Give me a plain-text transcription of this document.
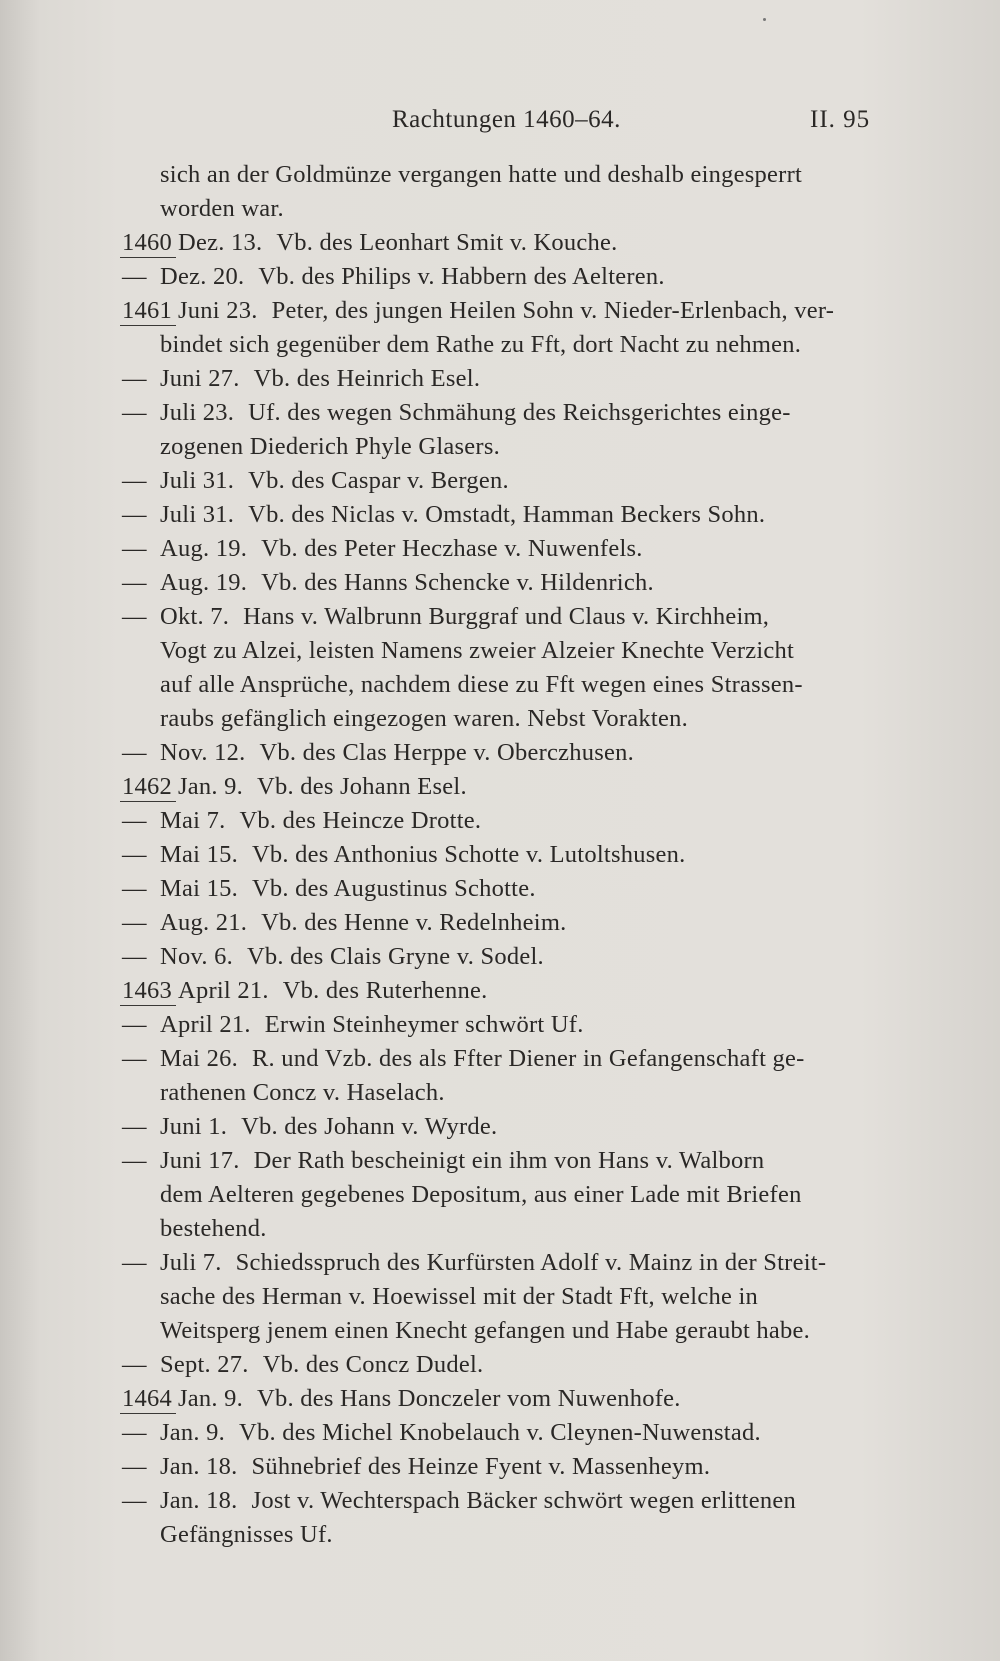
Rachtungen 1460–64.	II. 95
sich an der Goldmünze vergangen hatte und deshalb eingesperrt
worden war.
1460 Dez. 13. Vb. des Leonhart Smit v. Kouche.
— Dez. 20. Vb. des Philips v. Habbern des Aelteren.
1461 Juni 23. Peter, des jungen Heilen Sohn v. Nieder-Erlenbach, ver-
bindet sich gegenüber dem Rathe zu Fft, dort Nacht zu nehmen.
— Juni 27. Vb. des Heinrich Esel.
— Juli 23. Uf. des wegen Schmähung des Reichsgerichtes einge-
zogenen Diederich Phyle Glasers.
— Juli 31. Vb. des Caspar v. Bergen.
— Juli 31. Vb. des Niclas v. Omstadt, Hamman Beckers Sohn.
— Aug. 19. Vb. des Peter Heczhase v. Nuwenfels.
— Aug. 19. Vb. des Hanns Schencke v. Hildenrich.
— Okt. 7. Hans v. Walbrunn Burggraf und Claus v. Kirchheim,
Vogt zu Alzei, leisten Namens zweier Alzeier Knechte Verzicht
auf alle Ansprüche, nachdem diese zu Fft wegen eines Strassen-
raubs gefänglich eingezogen waren. Nebst Vorakten.
— Nov. 12. Vb. des Clas Herppe v. Oberczhusen.
1462 Jan. 9. Vb. des Johann Esel.
— Mai 7. Vb. des Heincze Drotte.
— Mai 15. Vb. des Anthonius Schotte v. Lutoltshusen.
— Mai 15. Vb. des Augustinus Schotte.
— Aug. 21. Vb. des Henne v. Redelnheim.
— Nov. 6. Vb. des Clais Gryne v. Sodel.
1463 April 21. Vb. des Ruterhenne.
— April 21. Erwin Steinheymer schwört Uf.
— Mai 26. R. und Vzb. des als Ffter Diener in Gefangenschaft ge-
rathenen Concz v. Haselach.
— Juni 1. Vb. des Johann v. Wyrde.
— Juni 17. Der Rath bescheinigt ein ihm von Hans v. Walborn
dem Aelteren gegebenes Depositum, aus einer Lade mit Briefen
bestehend.
— Juli 7. Schiedsspruch des Kurfürsten Adolf v. Mainz in der Streit-
sache des Herman v. Hoewissel mit der Stadt Fft, welche in
Weitsperg jenem einen Knecht gefangen und Habe geraubt habe.
— Sept. 27. Vb. des Concz Dudel.
1464 Jan. 9. Vb. des Hans Donczeler vom Nuwenhofe.
— Jan. 9. Vb. des Michel Knobelauch v. Cleynen-Nuwenstad.
— Jan. 18. Sühnebrief des Heinze Fyent v. Massenheym.
— Jan. 18. Jost v. Wechterspach Bäcker schwört wegen erlittenen
Gefängnisses Uf.
